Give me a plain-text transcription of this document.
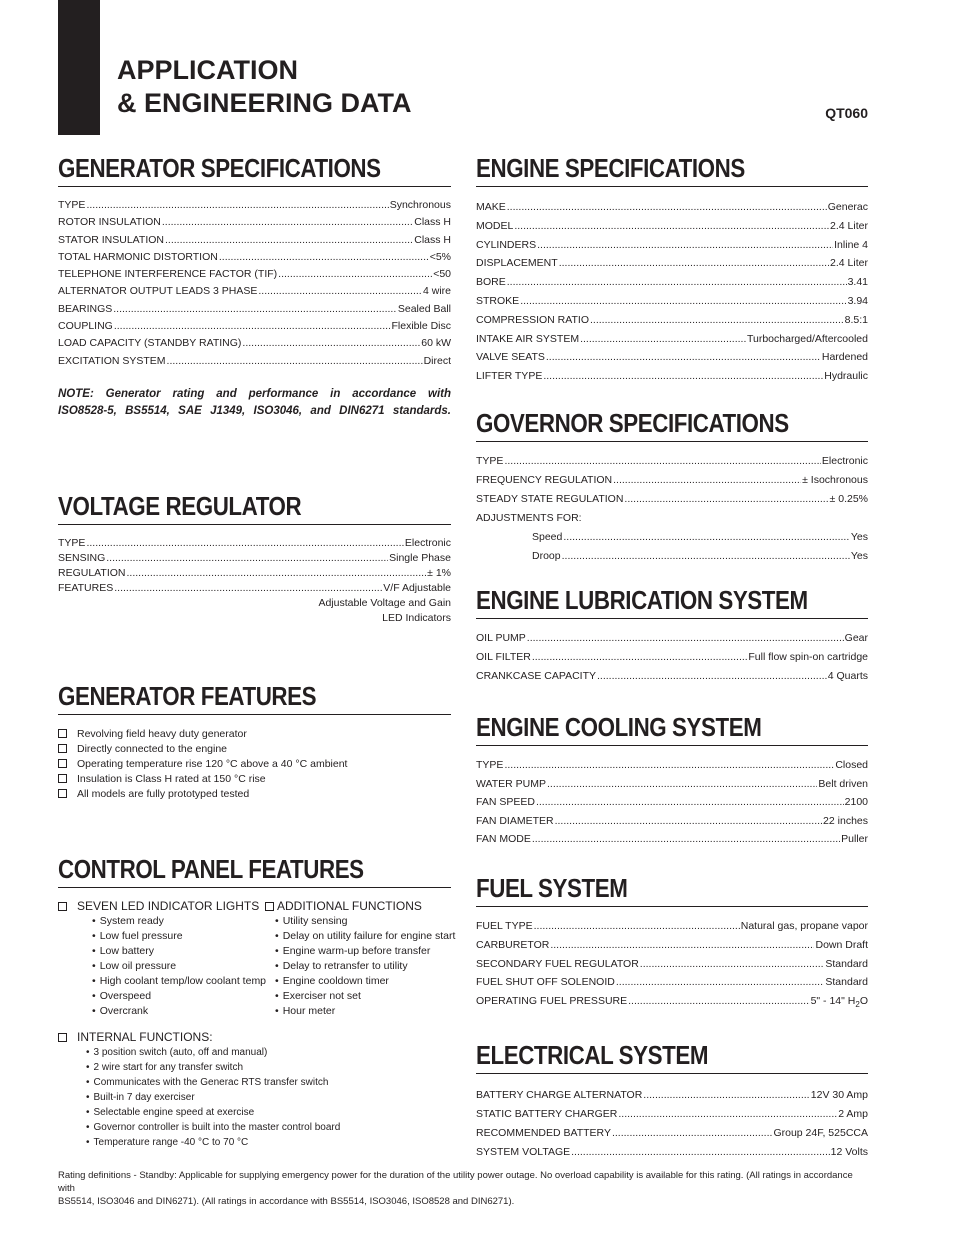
APPLICATION
& ENGINEERING DATA	QT060
GENERATOR SPECIFICATIONS
TYPE .....	Synchronous
ROTOR INSULATION .....	Class H
STATOR INSULATION .....	Class H
TOTAL HARMONIC DISTORTION .....	<5%
TELEPHONE INTERFERENCE FACTOR (TIF) .....	<50
ALTERNATOR OUTPUT LEADS 3 PHASE .....	4 wire
BEARINGS .....	Sealed Ball
COUPLING .....	Flexible Disc
LOAD CAPACITY (STANDBY RATING) .....	60 kW
EXCITATION SYSTEM .....	Direct

NOTE: Generator rating and performance in accordance with
ISO8528-5, BS5514, SAE J1349, ISO3046, and DIN6271 standards.

VOLTAGE REGULATOR
TYPE .....	Electronic
SENSING .....	Single Phase
REGULATION .....	± 1%
FEATURES .....	V/F Adjustable
Adjustable Voltage and Gain
LED Indicators
GENERATOR FEATURES
Revolving field heavy duty generator
Directly connected to the engine
Operating temperature rise 120 °C above a 40 °C ambient
Insulation is Class H rated at 150 °C rise
All models are fully prototyped tested
CONTROL PANEL FEATURES
SEVEN LED INDICATOR LIGHTS
• System ready
• Low fuel pressure
• Low battery
• Low oil pressure
• High coolant temp/low coolant temp
• Overspeed
• Overcrank
ADDITIONAL FUNCTIONS
• Utility sensing
• Delay on utility failure for engine start
• Engine warm-up before transfer
• Delay to retransfer to utility
• Engine cooldown timer
• Exerciser not set
• Hour meter
INTERNAL FUNCTIONS:
• 3 position switch (auto, off and manual)
• 2 wire start for any transfer switch
• Communicates with the Generac RTS transfer switch
• Built-in 7 day exerciser
• Selectable engine speed at exercise
• Governor controller is built into the master control board
• Temperature range -40 °C to 70 °C
ENGINE SPECIFICATIONS
MAKE .....	Generac
MODEL .....	2.4 Liter
CYLINDERS .....	Inline 4
DISPLACEMENT .....	2.4 Liter
BORE .....	3.41
STROKE .....	3.94
COMPRESSION RATIO .....	8.5:1
INTAKE AIR SYSTEM .....	Turbocharged/Aftercooled
VALVE SEATS .....	Hardened
LIFTER TYPE .....	Hydraulic
GOVERNOR SPECIFICATIONS
TYPE .....	Electronic
FREQUENCY REGULATION .....	± Isochronous
STEADY STATE REGULATION .....	± 0.25%
ADJUSTMENTS FOR:
Speed .....	Yes
Droop .....	Yes
ENGINE LUBRICATION SYSTEM
OIL PUMP .....	Gear
OIL FILTER .....	Full flow spin-on cartridge
CRANKCASE CAPACITY .....	4 Quarts
ENGINE COOLING SYSTEM
TYPE .....	Closed
WATER PUMP .....	Belt driven
FAN SPEED .....	2100
FAN DIAMETER .....	22 inches
FAN MODE .....	Puller
FUEL SYSTEM
FUEL TYPE .....	Natural gas, propane vapor
CARBURETOR .....	Down Draft
SECONDARY FUEL REGULATOR .....	Standard
FUEL SHUT OFF SOLENOID .....	Standard
OPERATING FUEL PRESSURE .....	5" - 14" $H_2O$
ELECTRICAL SYSTEM
BATTERY CHARGE ALTERNATOR .....	12V 30 Amp
STATIC BATTERY CHARGER .....	2 Amp
RECOMMENDED BATTERY .....	Group 24F, 525CCA
SYSTEM VOLTAGE .....	12 Volts

Rating definitions - Standby: Applicable for supplying emergency power for the duration of the utility power outage. No overload capability is available for this rating. (All ratings in accordance with
BS5514, ISO3046 and DIN6271). (All ratings in accordance with BS5514, ISO3046, ISO8528 and DIN6271).
